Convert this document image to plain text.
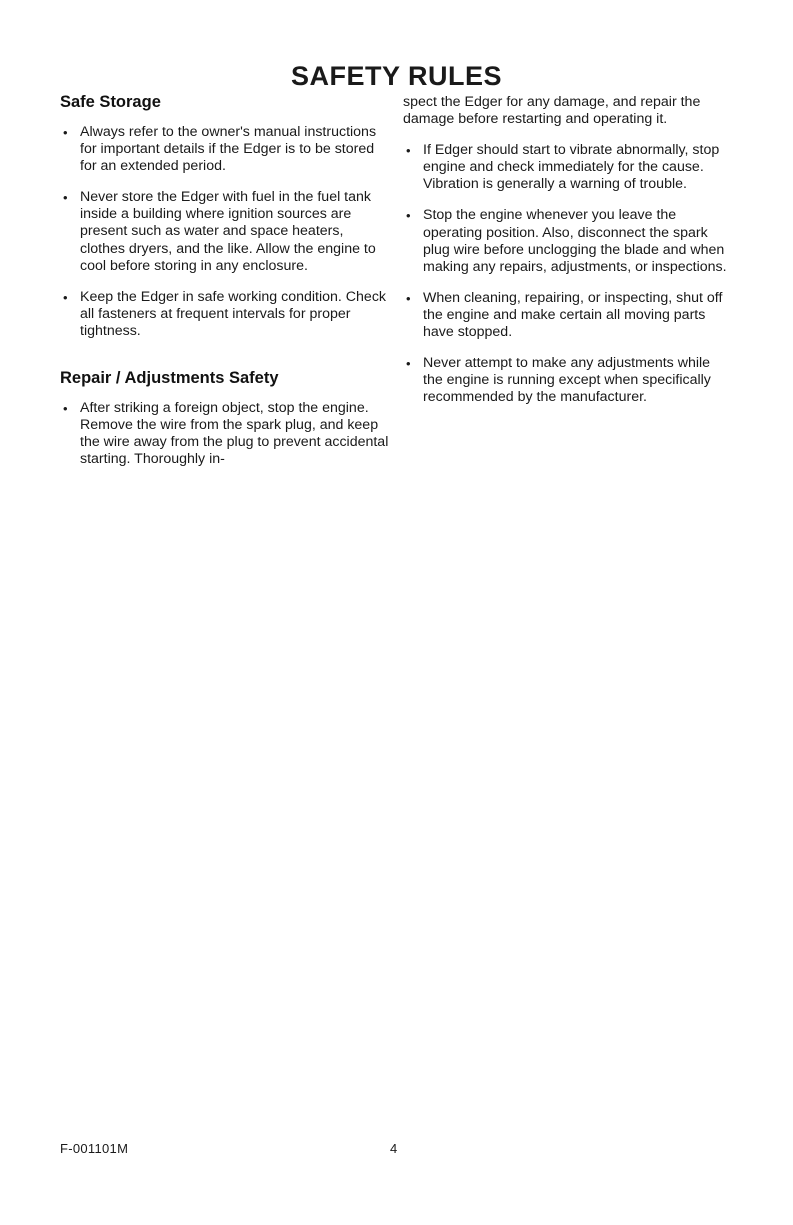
SAFETY RULES
Safe Storage
• Always refer to the owner's manual instructions for important details if the Edger is to be stored for an extended period.
• Never store the Edger with fuel in the fuel tank inside a building where ignition sources are present such as water and space heaters, clothes dryers, and the like. Allow the engine to cool before storing in any enclosure.
• Keep the Edger in safe working condition. Check all fasteners at frequent intervals for proper tightness.
Repair / Adjustments Safety
• After striking a foreign object, stop the engine. Remove the wire from the spark plug, and keep the wire away from the plug to prevent accidental starting. Thoroughly in-

spect the Edger for any damage, and repair the damage before restarting and operating it.

• If Edger should start to vibrate abnormally, stop engine and check immediately for the cause. Vibration is generally a warning of trouble.
• Stop the engine whenever you leave the operating position. Also, disconnect the spark plug wire before unclogging the blade and when making any repairs, adjustments, or inspections.
• When cleaning, repairing, or inspecting, shut off the engine and make certain all moving parts have stopped.
• Never attempt to make any adjustments while the engine is running except when specifically recommended by the manufacturer.
F-001101M	4
